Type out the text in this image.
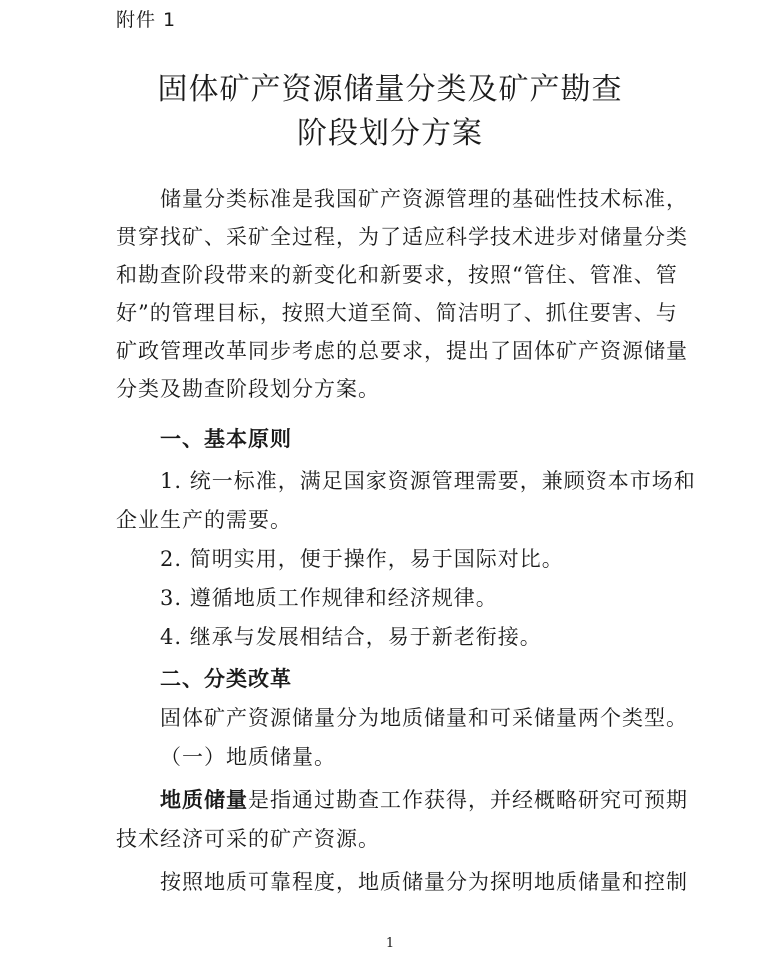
附件 1
固体矿产资源储量分类及矿产勘查
阶段划分方案
储量分类标准是我国矿产资源管理的基础性技术标准，
贯穿找矿、采矿全过程，为了适应科学技术进步对储量分类
和勘查阶段带来的新变化和新要求，按照“管住、管准、管
好”的管理目标，按照大道至简、简洁明了、抓住要害、与
矿政管理改革同步考虑的总要求，提出了固体矿产资源储量
分类及勘查阶段划分方案。
一、基本原则
1. 统一标准，满足国家资源管理需要，兼顾资本市场和
企业生产的需要。
2. 简明实用，便于操作，易于国际对比。
3. 遵循地质工作规律和经济规律。
4. 继承与发展相结合，易于新老衔接。
二、分类改革
固体矿产资源储量分为地质储量和可采储量两个类型。
（一）地质储量。
地质储量是指通过勘查工作获得，并经概略研究可预期
技术经济可采的矿产资源。
按照地质可靠程度，地质储量分为探明地质储量和控制
1
